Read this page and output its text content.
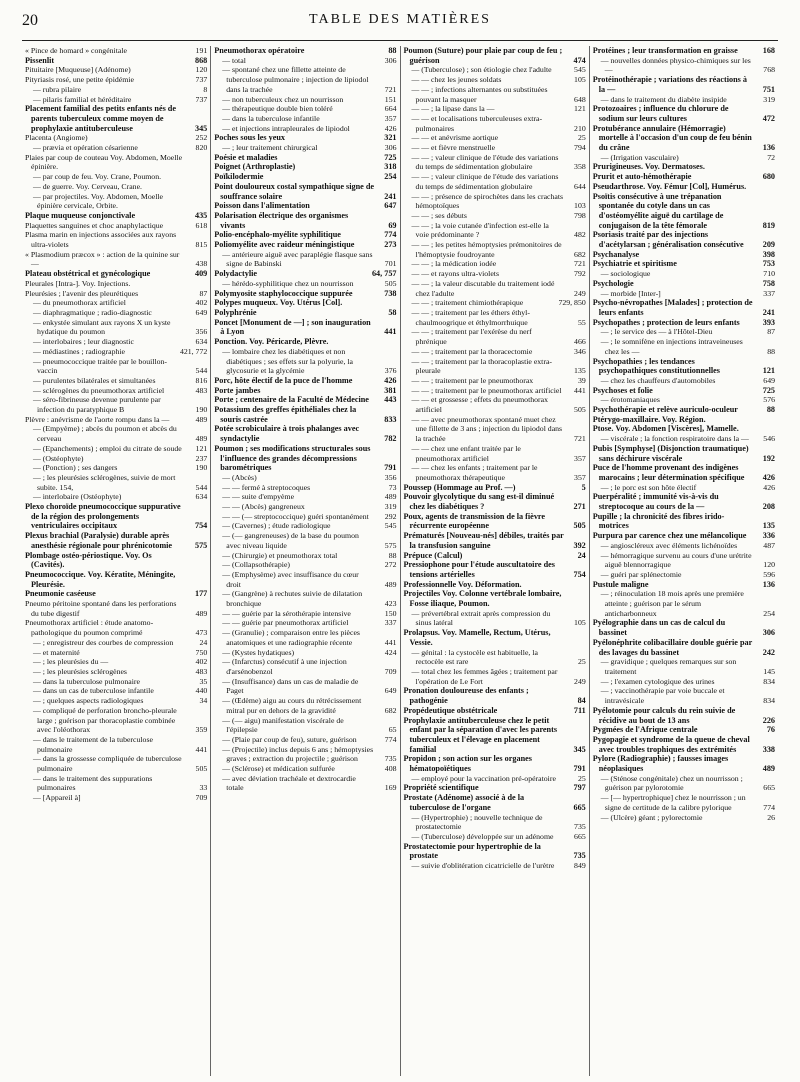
20	TABLE DES MATIÈRES
« Pince de homard » congénitale	191
Pissenlit	868
Pituitaire [Muqueuse] (Adénome)	120
Pityriasis rosé, une petite épidémie	737
— rubra pilaire	8
— pilaris familial et héréditaire	737
Placement familial des petits enfants nés de parents tuberculeux comme moyen de prophylaxie antituberculeuse	345
Placenta (Angiome)	252
— prævia et opération césarienne	820
Plaies par coup de couteau Voy. Abdomen, Moelle épinière.
— par coup de feu. Voy. Crane, Poumon.
— de guerre. Voy. Cerveau, Crane.
— par projectiles. Voy. Abdomen, Moelle épinière cervicale, Orbite.
Plaque muqueuse conjonctivale	435
Plaquettes sanguines et choc anaphylactique	618
Plasma marin en injections associées aux rayons ultra-violets	815
« Plasmodium præcox » : action de la quinine sur —	438
Plateau obstétrical et gynécologique	409
Pleurales [Intra-]. Voy. Injections.
Pleurésies ; l'avenir des pleurétiques	87
— du pneumothorax artificiel	402
— diaphragmatique ; radio-diagnostic	649
— enkystée simulant aux rayons X un kyste hydatique du poumon	356
— interlobaires ; leur diagnostic	634
— médiastines ; radiographie	421, 772
— pneumococcique traitée par le bouillon-vaccin	544
— purulentes bilatérales et simultanées	816
— sclérogènes du pneumothorax artificiel	483
— séro-fibrineuse devenue purulente par infection du paratyphique B	190
Plèvre : anévrisme de l'aorte rompu dans la —	489
— (Empyème) ; abcès du poumon et abcès du cerveau	489
— (Epanchements) ; emploi du citrate de soude 121
— (Ostéophyte)	237
— (Ponction) ; ses dangers	190
— ; les pleurésies sclérogènes, suivie de mort subite. 154,	544
— interlobaire (Ostéophyte)	634
Plexo choroïde pneumococcique suppurative de la région des prolongements ventriculaires occipitaux	754
Plexus brachial (Paralysie) durable après anesthésie régionale pour phrénicotomie	575
Plombage ostéo-périostique. Voy. Os (Cavités).
Pneumococcique. Voy. Kératite, Méningite, Pleurésie.
Pneumonie caséeuse	177
Pneumo péritoine spontané dans les perforations du tube digestif	489
Pneumothorax artificiel : étude anatomo-pathologique du poumon comprimé	473
— ; enregistreur des courbes de compression	24
— et maternité	750
— ; les pleurésies du —	402
— ; les pleurésies sclérogènes	483
— dans la tuberculose pulmonaire	35
— dans un cas de tuberculose infantile	440
— ; quelques aspects radiologiques	34
— compliqué de perforation broncho-pleurale large ; guérison par thoracoplastie combinée avec l'oléothorax	359
— dans le traitement de la tuberculose pulmonaire	441
— dans la grossesse compliquée de tuberculose pulmonaire	505
— dans le traitement des suppurations pulmonaires	33
— [Appareil à]	709
Pneumothorax opératoire	88
— total	306
— spontané chez une fillette atteinte de tuberculose pulmonaire ; injection de lipiodol dans la trachée	721
— non tuberculeux chez un nourrisson	151
— thérapeutique double bien toléré	664
— dans la tuberculose infantile	357
— et injections intrapleurales de lipiodol	426
Poches sous les yeux	321
— ; leur traitement chirurgical	306
Poésie et maladies	725
Poignet (Arthroplastie)	318
Poïkilodermie	254
Point douloureux costal sympathique signe de souffrance solaire	241
Poisson dans l'alimentation	647
Polarisation électrique des organismes vivants	69
Polio-encéphalo-myélite syphilitique	774
Poliomyélite avec raideur méningistique	273
— antérieure aiguë avec paraplégie flasque sans signe de Babinski	701
Polydactylie	64, 757
— hérédo-syphilitique chez un nourrisson	505
Polymyosite staphylococcique suppurée	738
Polypes muqueux. Voy. Utérus [Col].
Polyphrénie	58
Poncet [Monument de —] ; son inauguration à Lyon	441
Ponction. Voy. Péricarde, Plèvre.
— lombaire chez les diabétiques et non diabétiques ; ses effets sur la polyurie, la glycosurie et la glycémie	376
Porc, hôte électif de la puce de l'homme	426
Porte jambes	381
Porte ; centenaire de la Faculté de Médecine 443
Potassium des greffes épithéliales chez la souris castrée	833
Potée scrobiculaire à trois phalanges avec syndactylie	782
Poumon ; ses modifications structurales sous l'influence des grandes décompressions barométriques	791
— (Abcès)	356
— — fermé à streptocoques	73
— — suite d'empyème	489
— — (Abcès) gangreneux	319
— — (— streptococcique) guéri spontanément 292
— (Cavernes) ; étude radiologique	545
— (— gangreneuses) de la base du poumon avec niveau liquide	575
— (Chirurgie) et pneumothorax total	88
— (Collapsothérapie)	272
— (Emphysème) avec insuffisance du cœur droit	489
— (Gangrène) à rechutes suivie de dilatation bronchique	423
— — guérie par la sérothérapie intensive	150
— — guérie par pneumothorax artificiel	337
— (Granulie) ; comparaison entre les pièces anatomiques et une radiographie récente	441
— (Kystes hydatiques)	424
— (Infarctus) consécutif à une injection d'arsénobenzol	709
— (Insuffisance) dans un cas de maladie de Paget	649
— (Œdème) aigu au cours du rétrécissement mitral pur en dehors de la gravidité	682
— (— aigu) manifestation viscérale de l'épilepsie	65
— (Plaie par coup de feu), suture, guérison	774
— (Projectile) inclus depuis 6 ans ; hémoptysies graves ; extraction du projectile ; guérison	735
— (Sclérose) et médication sulfurée	408
— avec déviation trachéale et dextrocardie totale	169
Poumon (Suture) pour plaie par coup de feu ; guérison	474
— (Tuberculose) ; son étiologie chez l'adulte	545
— — chez les jeunes soldats	105
— — ; infections alternantes ou substituées pouvant la masquer	648
— — ; la lipase dans la —	121
— — et localisations tuberculeuses extra-pulmonaires	210
— — et anévrisme aortique	25
— — et fièvre menstruelle	794
— — ; valeur clinique de l'étude des variations du temps de sédimentation globulaire	358
— — ; valeur clinique de l'étude des variations du temps de sédimentation globulaire	644
— — ; présence de spirochètes dans les crachats hémoptoïques	103
— — ; ses débuts	798
— — ; la voie cutanée d'infection est-elle la voie prédominante ?	482
— — ; les petites hémoptysies prémonitoires de l'hémoptysie foudroyante	682
— — ; la médication iodée	721
— — et rayons ultra-violets	792
— — ; la valeur discutable du traitement iodé chez l'adulte	249
— — ; traitement chimiothérapique	729, 850
— — ; traitement par les éthers éthyl-chaulmoogrique et éthylmorrhuique	55
— — ; traitement par l'exérèse du nerf phrénique	466
— — ; traitement par la thoracectomie	346
— — ; traitement par la thoracoplastie extra-pleurale	135
— — ; traitement par le pneumothorax	39
— — ; traitement par le pneumothorax artificiel 441
— — et grossesse ; effets du pneumothorax artificiel	505
— — avec pneumothorax spontané muet chez une fillette de 3 ans ; injection du lipiodol dans la trachée	721
— — chez une enfant traitée par le pneumothorax artificiel	357
— — chez les enfants ; traitement par le pneumothorax thérapeutique	357
Poussep (Hommage au Prof. —)	5
Pouvoir glycolytique du sang est-il diminué chez les diabétiques ?	271
Poux, agents de transmission de la fièvre récurrente européenne	505
Prématurés [Nouveau-nés] débiles, traités par la transfusion sanguine	392
Prépuce (Calcul)	24
Pressiophone pour l'étude auscultatoire des tensions artérielles	754
Professionnelle Voy. Déformation.
Projectiles Voy. Colonne vertébrale lombaire, Fosse iliaque, Poumon.
— prévertébral extrait après compression du sinus latéral	105
Prolapsus. Voy. Mamelle, Rectum, Utérus, Vessie.
— génital : la cystocèle est habituelle, la rectocèle est rare	25
— total chez les femmes âgées ; traitement par l'opération de Le Fort	249
Pronation douloureuse des enfants ; pathogénie	84
Propédeutique obstétricale	711
Prophylaxie antituberculeuse chez le petit enfant par la séparation d'avec les parents tuberculeux et l'élevage en placement familial	345
Propidon ; son action sur les organes hématopoïétiques	791
— employé pour la vaccination pré-opératoire	25
Propriété scientifique	797
Prostate (Adénome) associé à de la tuberculose de l'organe	665
— (Hypertrophie) ; nouvelle technique de prostatectomie	735
— (Tuberculose) développée sur un adénome	665
Prostatectomie pour hypertrophie de la prostate	735
— suivie d'oblitération cicatricielle de l'urètre	849
Protéines ; leur transformation en graisse	168
— nouvelles données physico-chimiques sur les —	768
Protéinothérapie ; variations des réactions à la —	751
— dans le traitement du diabète insipide	319
Protozoaires ; influence du chlorure de sodium sur leurs cultures	472
Protubérance annulaire (Hémorragie) mortelle à l'occasion d'un coup de feu bénin du crâne	136
— (Irrigation vasculaire)	72
Prurigineuses. Voy. Dermatoses.
Prurit et auto-hémothérapie	680
Pseudarthrose. Voy. Fémur [Col], Humérus.
Psoïtis consécutive à une trépanation spontanée du cotyle dans un cas d'ostéomyélite aiguë du cartilage de conjugaison de la tête fémorale	819
Psoriasis traité par des injections d'acétylarsan ; généralisation consécutive 209
Psychanalyse	398
Psychiatrie et spiritisme	753
— sociologique	710
Psychologie	758
— morbide [Inter-]	337
Psycho-névropathes [Malades] ; protection de leurs enfants	241
Psychopathes ; protection de leurs enfants	393
— ; le service des — à l'Hôtel-Dieu	87
— ; le somnifène en injections intraveineuses chez les —	88
Psychopathies ; les tendances psychopathiques constitutionnelles	121
— chez les chauffeurs d'automobiles	649
Psychoses et folie	725
— érotomaniaques	576
Psychothérapie et relève auriculo-oculeur	88
Ptérygo-maxillaire. Voy. Région.
Ptose. Voy. Abdomen [Viscères], Mamelle.
— viscérale ; la fonction respiratoire dans la — 546
Pubis [Symphyse] (Disjonction traumatique) sans déchirure viscérale	192
Puce de l'homme provenant des indigènes marocains ; leur détermination spécifique 426
— ; le porc est son hôte électif	426
Puerpéralité ; immunité vis-à-vis du streptocoque au cours de la —	208
Pupille ; la chronicité des fibres irido-motrices	135
Purpura par carence chez une mélancolique 336
— angioscléreux avec éléments lichénoïdes	487
— hémorragique survenu au cours d'une urétrite aiguë blennorragique	120
— guéri par splénectomie	596
Pustule maligne	136
— ; réinoculation 18 mois après une première atteinte ; guérison par le sérum anticharbonneux	254
Pyélographie dans un cas de calcul du bassinet	306
Pyélonéphrite colibacillaire double guérie par des lavages du bassinet	242
— gravidique ; quelques remarques sur son traitement	145
— ; l'examen cytologique des urines	834
— ; vaccinothérapie par voie buccale et intravésicale	834
Pyélotomie pour calculs du rein suivie de récidive au bout de 13 ans	226
Pygmées de l'Afrique centrale	76
Pygopagie et syndrome de la queue de cheval avec troubles trophiques des extrémités	338
Pylore (Radiographie) ; fausses images néoplasiques	489
— (Sténose congénitale) chez un nourrisson ; guérison par pylorotomie	665
— [— hypertrophique] chez le nourrisson ; un signe de certitude de la calibre pylorique	774
— (Ulcère) géant ; pylorectomie	26
